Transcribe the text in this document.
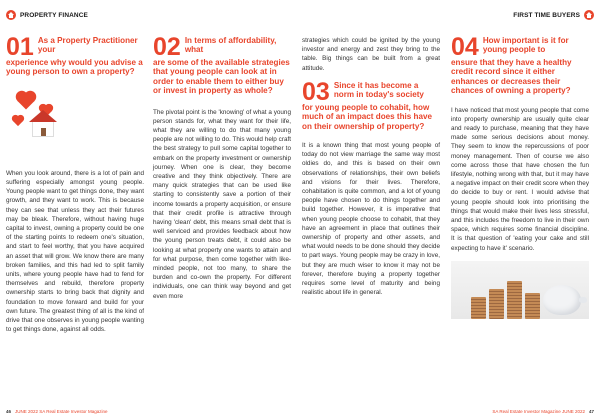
PROPERTY FINANCE	FIRST TIME BUYERS
01 As a Property Practitioner your
experience why would you advise a young person to own a property?

When you look around, there is a lot of pain and suffering especially amongst young people. Young people want to get things done, they want growth, and they want to work. This is because they can see that unless they act their futures may be bleak. Therefore, without having huge capital to invest, owning a property could be one of the starting points to redeem one's situation, and start to feel worthy, that you have acquired an asset that will grow. We know there are many broken families, and this had led to split family units, where young people have had to fend for themselves and rebuild, therefore property ownership starts to bring back that dignity and foundation to move forward and build for your own future. The greatest thing of all is the kind of drive that one observes in young people wanting to get things done, against all odds.

02 In terms of affordability, what
are some of the available strategies that young people can look at in order to enable them to either buy or invest in property as whole?

The pivotal point is the 'knowing' of what a young person stands for, what they want for their life, what they are willing to do that many young people are not willing to do. This would help craft the best strategy to pull some capital together to embark on the property investment or ownership journey. When one is clear, they become creative and they think objectively. There are many quick strategies that can be used like starting to consistently save a portion of their income towards a property acquisition, or ensure that their credit profile is attractive through having 'clean' debt, this means small debt that is well serviced and provides feedback about how the young person treats debt, it could also be looking at what property one wants to attain and for what purpose, then come together with like-minded people, not too many, to share the burden and co-own the property. For different individuals, one can think way beyond and get even more

strategies which could be ignited by the young investor and energy and zest they bring to the table. Big things can be built from a great attitude.

03 Since it has become a norm in today's society
for young people to cohabit, how much of an impact does this have on their ownership of property?

It is a known thing that most young people of today do not view marriage the same way most oldies do, and this is based on their own observations of relationships, their own beliefs and visions for their lives. Therefore, cohabitation is quite common, and a lot of young people have chosen to do things together and build together. However, it is imperative that when young people choose to cohabit, that they have an agreement in place that outlines their ownership of property and other assets, and what would needs to be done should they decide to part ways. Young people may be crazy in love, but they are much wiser to know it may not be forever, therefore buying a property together requires some level of maturity and being realistic about life in general.

04 How important is it for young people to
ensure that they have a healthy credit record since it either enhances or decreases their chances of owning a property?

I have noticed that most young people that come into property ownership are usually quite clear and ready to purchase, meaning that they have made some serious decisions about money. They seem to know the repercussions of poor money management. Then of course we also come across those that have chosen the fun lifestyle, nothing wrong with that, but it may have a negative impact on their credit score when they do decide to buy or rent. I would advise that young people should look into prioritising the things that would make their lives less stressful, and this includes the freedom to live in their own space, which requires some financial discipline. It is that question of 'eating your cake and still expecting to have it' scenario.

46 JUNE 2022 SA Real Estate Investor Magazine	SA Real Estate Investor Magazine JUNE 2022 47
